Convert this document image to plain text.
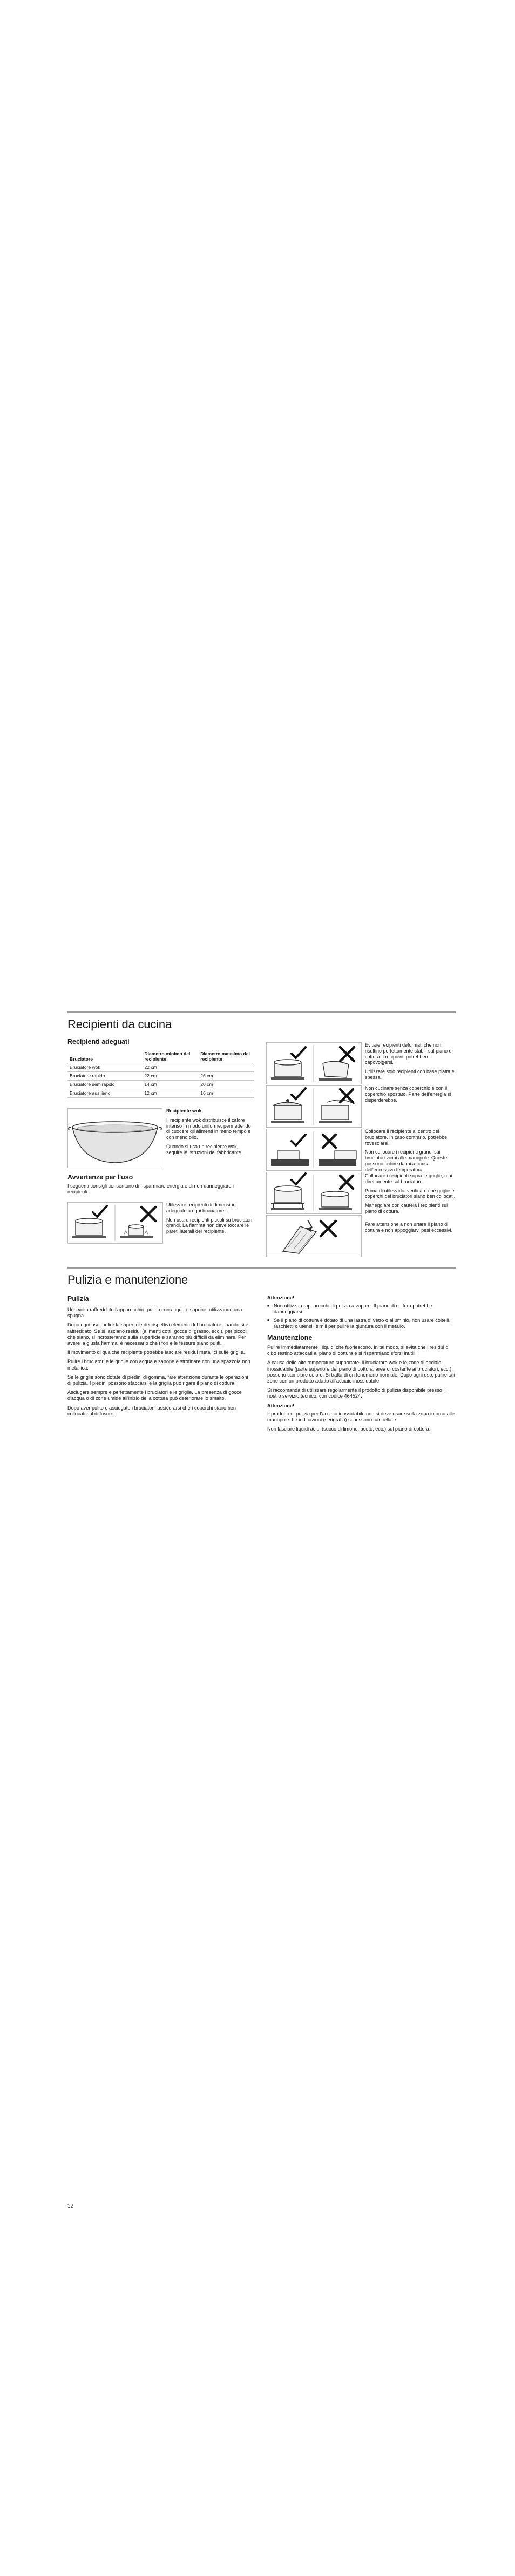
Recipienti da cucina
Recipienti adeguati
Bruciatore	Diametro minimo del recipiente	Diametro massimo del recipiente
Bruciatore wok	22 cm	
Bruciatore rapido	22 cm	26 cm
Bruciatore semirapido	14 cm	20 cm
Bruciatore ausiliario	12 cm	16 cm

Recipiente wok

Il recipiente wok distribuisce il calore intenso in modo uniforme, permettendo di cuocere gli alimenti in meno tempo e con meno olio.

Quando si usa un recipiente wok, seguire le istruzioni del fabbricante.

Avvertenze per l'uso

I seguenti consigli consentono di risparmiare energia e di non danneggiare i recipienti.

Utilizzare recipienti di dimensioni adeguate a ogni bruciatore.

Non usare recipienti piccoli su bruciatori grandi. La fiamma non deve toccare le pareti laterali del recipiente.

Evitare recipienti deformati che non risultino perfettamente stabili sul piano di cottura. I recipienti potrebbero capovolgersi.

Utilizzare solo recipienti con base piatta e spessa.

Non cucinare senza coperchio e con il coperchio spostato. Parte dell'energia si disperderebbe.

Collocare il recipiente al centro del bruciatore. In caso contrario, potrebbe rovesciarsi.

Non collocare i recipienti grandi sui bruciatori vicini alle manopole. Queste possono subire danni a causa dell'eccessiva temperatura.

Collocare i recipienti sopra le griglie, mai direttamente sul bruciatore.

Prima di utilizzarlo, verificare che griglie e coperchi dei bruciatori siano ben collocati.

Maneggiare con cautela i recipienti sul piano di cottura.

Fare attenzione a non urtare il piano di cottura e non appoggiarvi pesi eccessivi.

Pulizia e manutenzione
Pulizia

Una volta raffreddato l'apparecchio, pulirlo con acqua e sapone, utilizzando una spugna.

Dopo ogni uso, pulire la superficie dei rispettivi elementi del bruciatore quando si è raffreddato. Se si lasciano residui (alimenti cotti, gocce di grasso, ecc.), per piccoli che siano, si incrosteranno sulla superficie e saranno più difficili da eliminare. Per avere la giusta fiamma, è necessario che i fori e le fessure siano puliti.

Il movimento di qualche recipiente potrebbe lasciare residui metallici sulle griglie.

Pulire i bruciatori e le griglie con acqua e sapone e strofinare con una spazzola non metallica.

Se le griglie sono dotate di piedini di gomma, fare attenzione durante le operazioni di pulizia. I piedini possono staccarsi e la griglia può rigare il piano di cottura.

Asciugare sempre e perfettamente i bruciatori e le griglie. La presenza di gocce d'acqua o di zone umide all'inizio della cottura può deteriorare lo smalto.

Dopo aver pulito e asciugato i bruciatori, assicurarsi che i coperchi siano ben collocati sul diffusore.

Attenzione!

■ Non utilizzare apparecchi di pulizia a vapore. Il piano di cottura potrebbe danneggiarsi.
■ Se il piano di cottura è dotato di una lastra di vetro o alluminio, non usare coltelli, raschietti o utensili simili per pulire la giuntura con il metallo.
Manutenzione

Pulire immediatamente i liquidi che fuoriescono. In tal modo, si evita che i residui di cibo restino attaccati al piano di cottura e si risparmiano sforzi inutili.

A causa delle alte temperature supportate, il bruciatore wok e le zone di acciaio inossidabile (parte superiore del piano di cottura, area circostante ai bruciatori, ecc.) possono cambiare colore. Si tratta di un fenomeno normale. Dopo ogni uso, pulire tali zone con un prodotto adatto all'acciaio inossidabile.

Si raccomanda di utilizzare regolarmente il prodotto di pulizia disponibile presso il nostro servizio tecnico, con codice 464524.

Attenzione!

Il prodotto di pulizia per l'acciaio inossidabile non si deve usare sulla zona intorno alle manopole. Le indicazioni (serigrafia) si possono cancellare.

Non lasciare liquidi acidi (succo di limone, aceto, ecc.) sul piano di cottura.

32
